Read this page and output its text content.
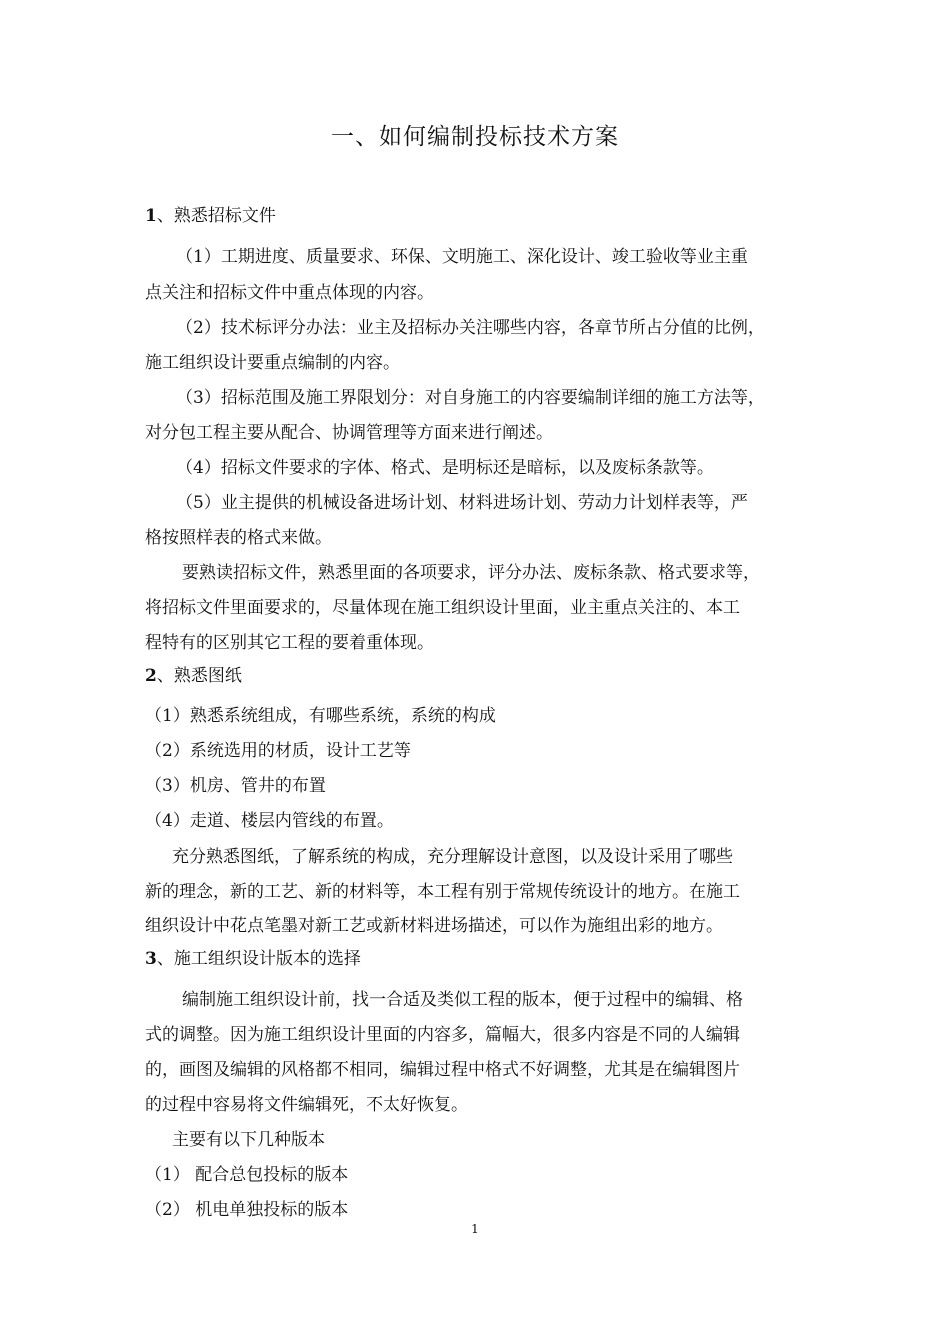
一、如何编制投标技术方案
1、熟悉招标文件
（1）工期进度、质量要求、环保、文明施工、深化设计、竣工验收等业主重
点关注和招标文件中重点体现的内容。
（2）技术标评分办法：业主及招标办关注哪些内容，各章节所占分值的比例，
施工组织设计要重点编制的内容。
（3）招标范围及施工界限划分：对自身施工的内容要编制详细的施工方法等，
对分包工程主要从配合、协调管理等方面来进行阐述。
（4）招标文件要求的字体、格式、是明标还是暗标，以及废标条款等。
（5）业主提供的机械设备进场计划、材料进场计划、劳动力计划样表等，严
格按照样表的格式来做。
要熟读招标文件，熟悉里面的各项要求，评分办法、废标条款、格式要求等，
将招标文件里面要求的，尽量体现在施工组织设计里面，业主重点关注的、本工
程特有的区别其它工程的要着重体现。
2、熟悉图纸
（1）熟悉系统组成，有哪些系统，系统的构成
（2）系统选用的材质，设计工艺等
（3）机房、管井的布置
（4）走道、楼层内管线的布置。
充分熟悉图纸，了解系统的构成，充分理解设计意图，以及设计采用了哪些
新的理念，新的工艺、新的材料等，本工程有别于常规传统设计的地方。在施工
组织设计中花点笔墨对新工艺或新材料进场描述，可以作为施组出彩的地方。
3、施工组织设计版本的选择
编制施工组织设计前，找一合适及类似工程的版本，便于过程中的编辑、格
式的调整。因为施工组织设计里面的内容多，篇幅大，很多内容是不同的人编辑
的，画图及编辑的风格都不相同，编辑过程中格式不好调整，尤其是在编辑图片
的过程中容易将文件编辑死，不太好恢复。
主要有以下几种版本
（1） 配合总包投标的版本
（2） 机电单独投标的版本
1
